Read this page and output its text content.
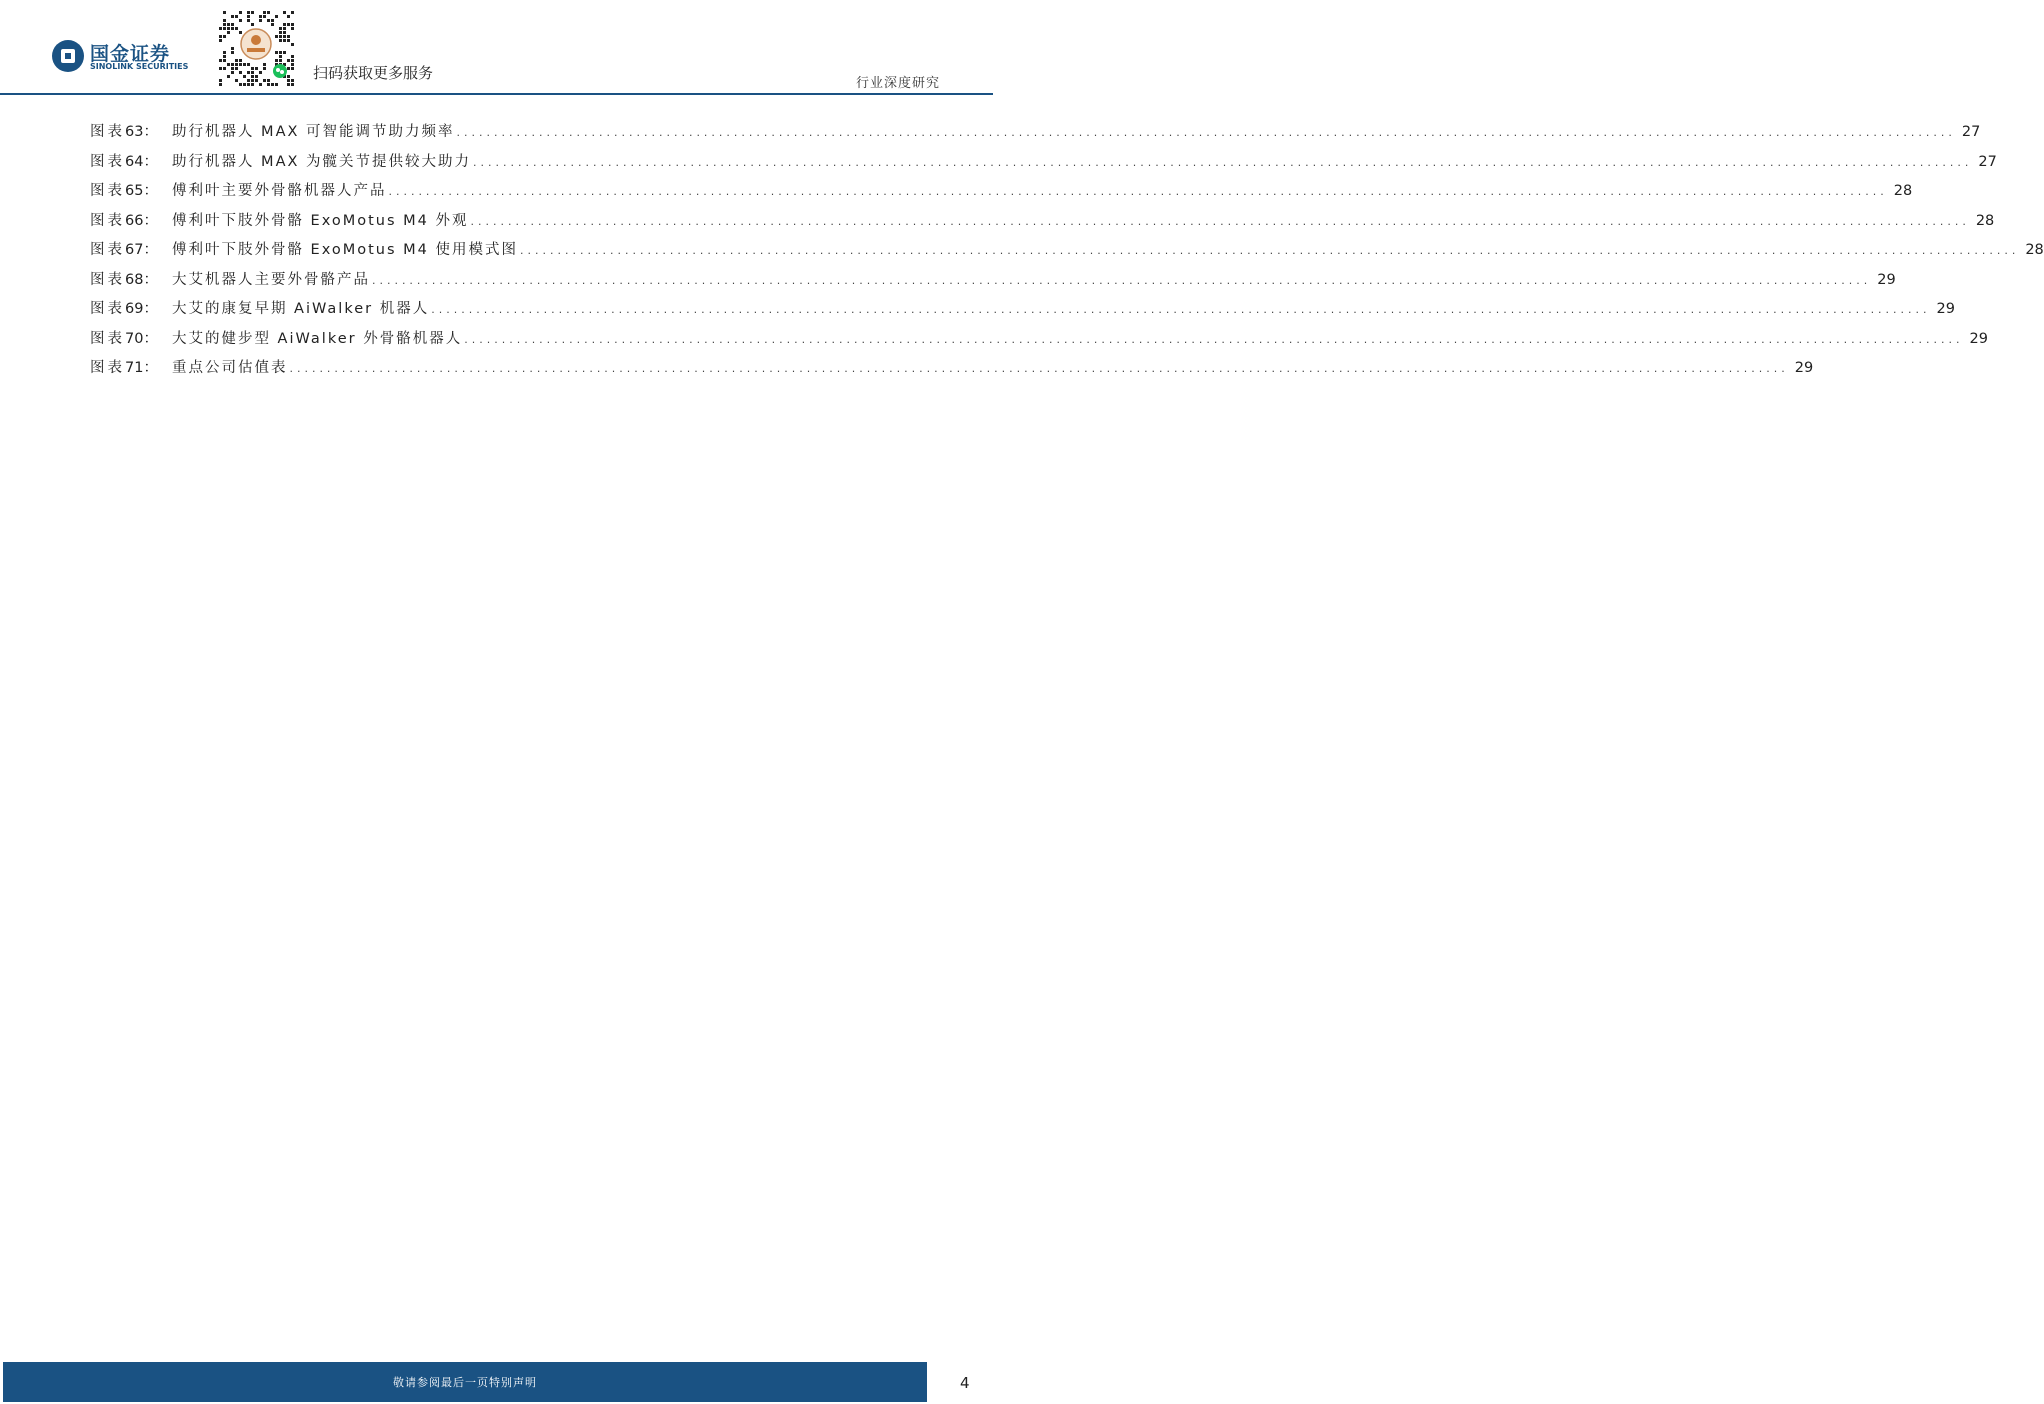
国金证券
SINOLINK SECURITIES	扫码获取更多服务
行业深度研究
图表 63 ： 助行机器人 MAX 可智能调节助力频率 ........................................................................................................................................................................................................ 27
图表 64 ： 助行机器人 MAX 为髋关节提供较大助力 ........................................................................................................................................................................................................ 27
图表 65 ： 傅利叶主要外骨骼机器人产品 ........................................................................................................................................................................................................ 28
图表 66 ： 傅利叶下肢外骨骼 ExoMotus M4 外观 ........................................................................................................................................................................................................ 28
图表 67 ： 傅利叶下肢外骨骼 ExoMotus M4 使用模式图 ........................................................................................................................................................................................................ 28
图表 68 ： 大艾机器人主要外骨骼产品 ........................................................................................................................................................................................................ 29
图表 69 ： 大艾的康复早期 AiWalker 机器人 ........................................................................................................................................................................................................ 29
图表 70 ： 大艾的健步型 AiWalker 外骨骼机器人 ........................................................................................................................................................................................................ 29
图表 71 ： 重点公司估值表 ........................................................................................................................................................................................................ 29
敬请参阅最后一页特别声明	4
